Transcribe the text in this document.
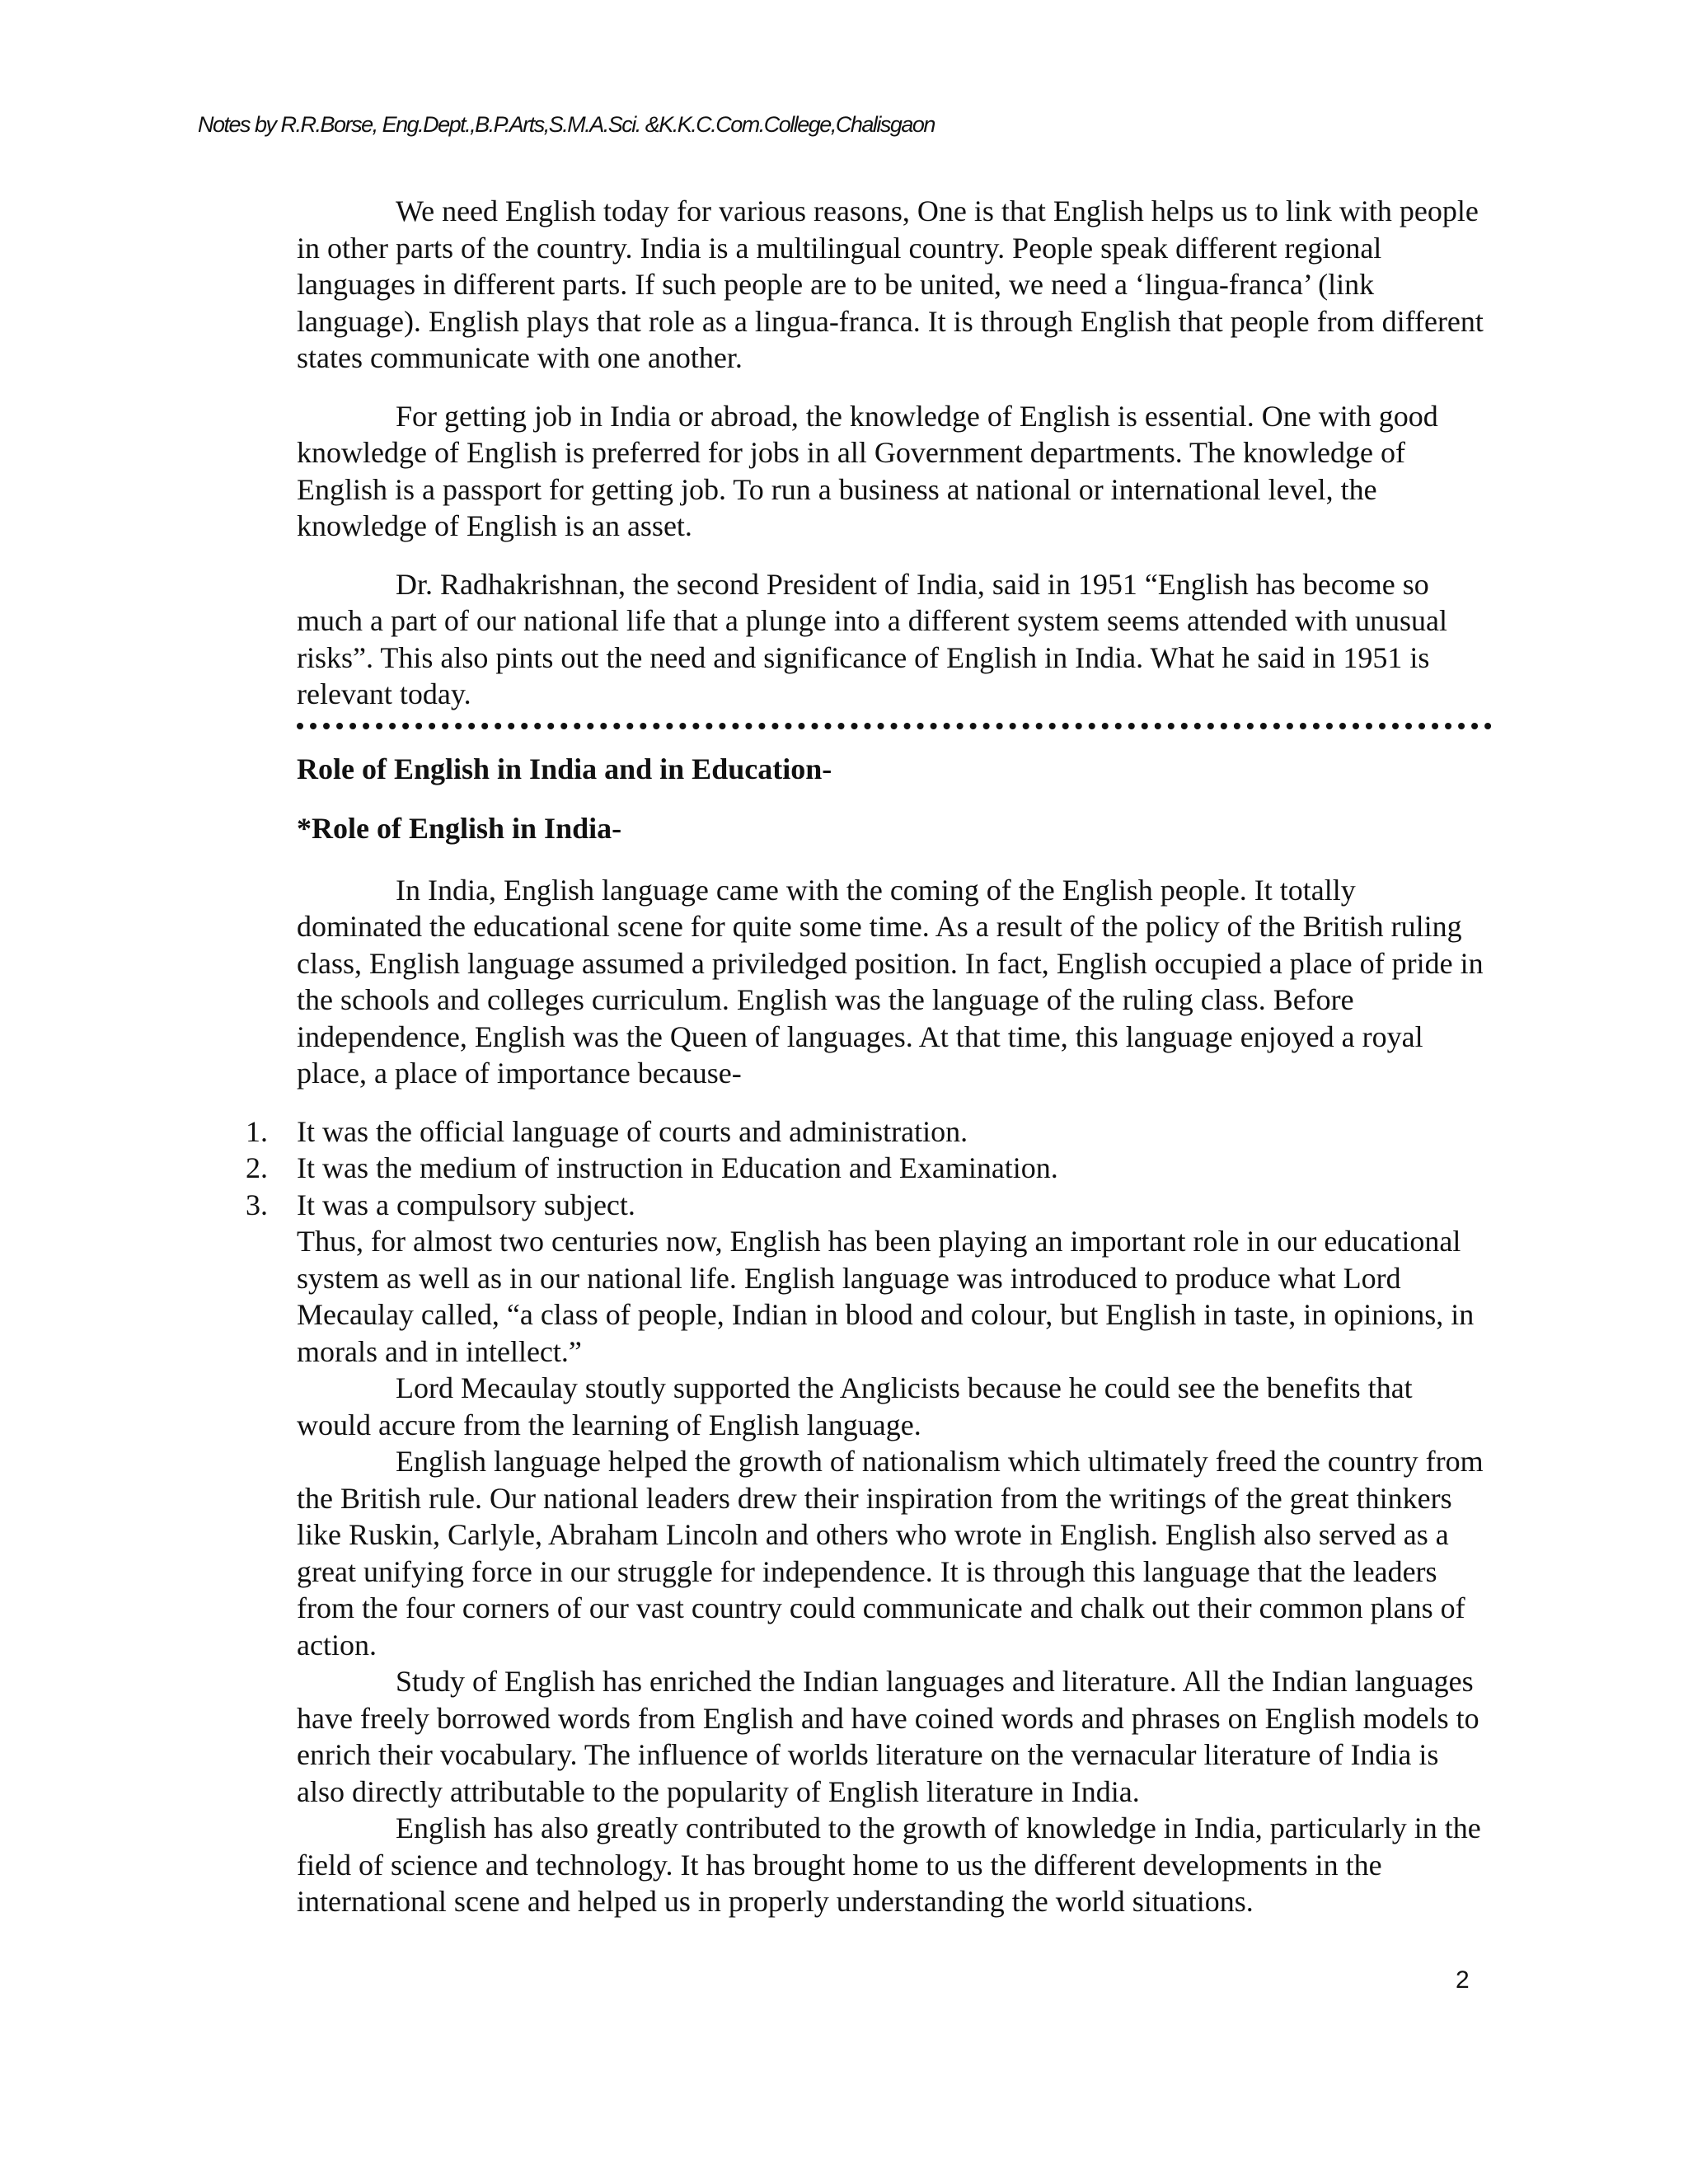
Notes by R.R.Borse, Eng.Dept.,B.P.Arts,S.M.A.Sci. &K.K.C.Com.College,Chalisgaon

We need English today for various reasons, One is that English helps us to link with people in other parts of the country. India is a multilingual country. People speak different regional languages in different parts. If such people are to be united, we need a ‘lingua-franca’ (link language). English plays that role as a lingua-franca. It is through English that people from different states communicate with one another.

For getting job in India or abroad, the knowledge of English is essential. One with good knowledge of English is preferred for jobs in all Government departments. The knowledge of English is a passport for getting job. To run a business at national or international level, the knowledge of English is an asset.

Dr. Radhakrishnan, the second President of India, said in 1951 “English has become so much a part of our national life that a plunge into a different system seems attended with unusual risks”. This also pints out the need and significance of English in India. What he said in 1951 is relevant today.

Role of English in India and in Education-
*Role of English in India-

In India, English language came with the coming of the English people. It totally dominated the educational scene for quite some time. As a result of the policy of the British ruling class, English language assumed a priviledged position. In fact, English occupied a place of pride in the schools and colleges curriculum. English was the language of the ruling class. Before independence, English was the Queen of languages. At that time, this language enjoyed a royal place, a place of importance because-

1. It was the official language of courts and administration.
2. It was the medium of instruction in Education and Examination.
3. It was a compulsory subject.

Thus, for almost two centuries now, English has been playing an important role in our educational system as well as in our national life. English language was introduced to produce what Lord Mecaulay called, “a class of people, Indian in blood and colour, but English in taste, in opinions, in morals and in intellect.”

Lord Mecaulay stoutly supported the Anglicists because he could see the benefits that would accure from the learning of English language.

English language helped the growth of nationalism which ultimately freed the country from the British rule. Our national leaders drew their inspiration from the writings of the great thinkers like Ruskin, Carlyle, Abraham Lincoln and others who wrote in English. English also served as a great unifying force in our struggle for independence. It is through this language that the leaders from the four corners of our vast country could communicate and chalk out their common plans of action.

Study of English has enriched the Indian languages and literature. All the Indian languages have freely borrowed words from English and have coined words and phrases on English models to enrich their vocabulary. The influence of worlds literature on the vernacular literature of India is also directly attributable to the popularity of English literature in India.

English has also greatly contributed to the growth of knowledge in India, particularly in the field of science and technology. It has brought home to us the different developments in the international scene and helped us in properly understanding the world situations.

2
